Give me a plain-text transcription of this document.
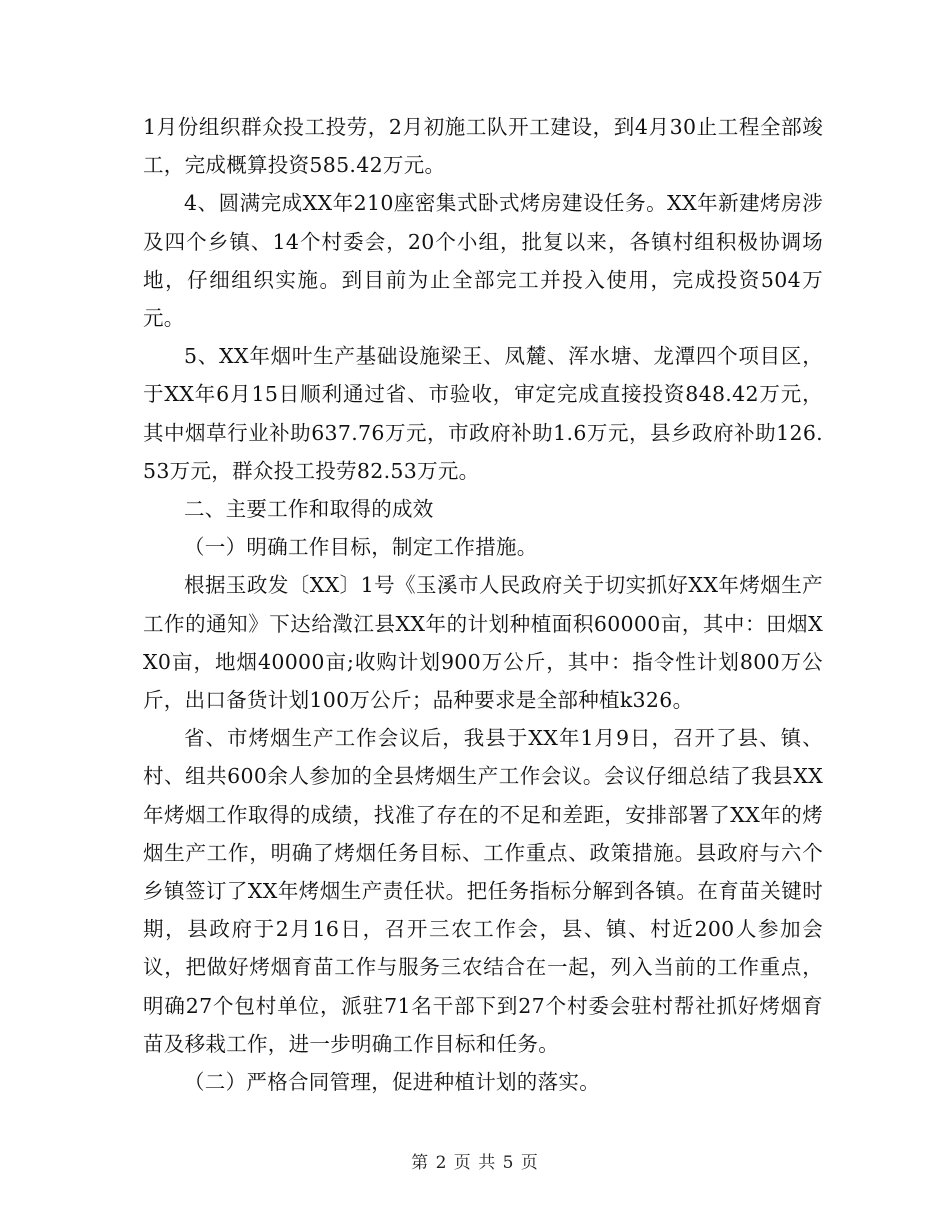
1月份组织群众投工投劳，2月初施工队开工建设，到4月30止工程全部竣工，完成概算投资585.42万元。

4、圆满完成XX年210座密集式卧式烤房建设任务。XX年新建烤房涉及四个乡镇、14个村委会，20个小组，批复以来，各镇村组积极协调场地，仔细组织实施。到目前为止全部完工并投入使用，完成投资504万元。

5、XX年烟叶生产基础设施梁王、凤麓、浑水塘、龙潭四个项目区，于XX年6月15日顺利通过省、市验收，审定完成直接投资848.42万元，其中烟草行业补助637.76万元，市政府补助1.6万元，县乡政府补助126.53万元，群众投工投劳82.53万元。

二、主要工作和取得的成效

（一）明确工作目标，制定工作措施。

根据玉政发〔XX〕1号《玉溪市人民政府关于切实抓好XX年烤烟生产工作的通知》下达给澂江县XX年的计划种植面积60000亩，其中：田烟XX0亩，地烟40000亩;收购计划900万公斤，其中：指令性计划800万公斤，出口备货计划100万公斤；品种要求是全部种植k326。

省、市烤烟生产工作会议后，我县于XX年1月9日，召开了县、镇、村、组共600余人参加的全县烤烟生产工作会议。会议仔细总结了我县XX年烤烟工作取得的成绩，找准了存在的不足和差距，安排部署了XX年的烤烟生产工作，明确了烤烟任务目标、工作重点、政策措施。县政府与六个乡镇签订了XX年烤烟生产责任状。把任务指标分解到各镇。在育苗关键时期，县政府于2月16日，召开三农工作会，县、镇、村近200人参加会议，把做好烤烟育苗工作与服务三农结合在一起，列入当前的工作重点，明确27个包村单位，派驻71名干部下到27个村委会驻村帮社抓好烤烟育苗及移栽工作，进一步明确工作目标和任务。

（二）严格合同管理，促进种植计划的落实。

第 2 页 共 5 页
